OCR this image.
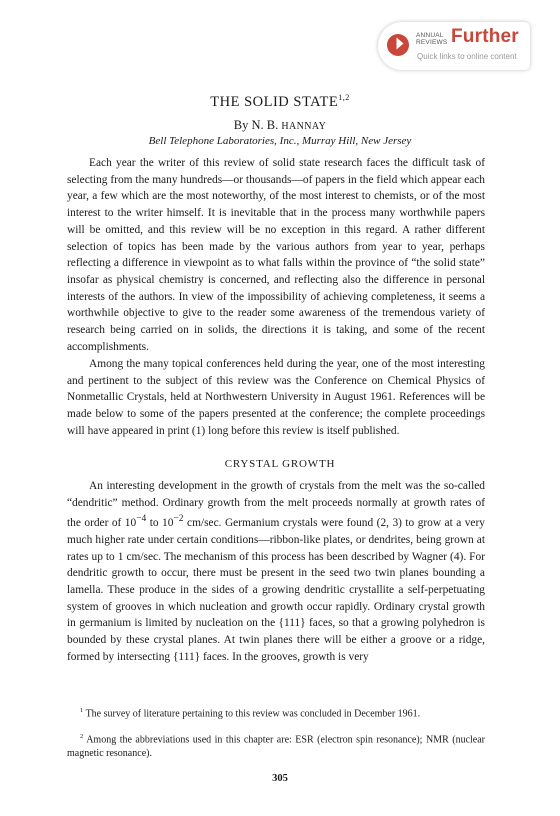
ANNUAL
REVIEWS Further
Quick links to online content
THE SOLID STATE$^{1,2}$
By N. B. HANNAY
Bell Telephone Laboratories, Inc., Murray Hill, New Jersey

Each year the writer of this review of solid state research faces the difficult task of selecting from the many hundreds—or thousands—of papers in the field which appear each year, a few which are the most noteworthy, of the most interest to chemists, or of the most interest to the writer himself. It is inevitable that in the process many worthwhile papers will be omitted, and this review will be no exception in this regard. A rather different selection of topics has been made by the various authors from year to year, perhaps reflecting a difference in viewpoint as to what falls within the province of “the solid state” insofar as physical chemistry is concerned, and reflecting also the difference in personal interests of the authors. In view of the impossibility of achieving completeness, it seems a worthwhile objective to give to the reader some awareness of the tremendous variety of research being carried on in solids, the directions it is taking, and some of the recent accomplishments.

Among the many topical conferences held during the year, one of the most interesting and pertinent to the subject of this review was the Conference on Chemical Physics of Nonmetallic Crystals, held at Northwestern University in August 1961. References will be made below to some of the papers presented at the conference; the complete proceedings will have appeared in print (1) long before this review is itself published.

CRYSTAL GROWTH

An interesting development in the growth of crystals from the melt was the so-called “dendritic” method. Ordinary growth from the melt proceeds normally at growth rates of the order of $10^{-4}$ to $10^{-2}$ cm/sec. Germanium crystals were found (2, 3) to grow at a very much higher rate under certain conditions—ribbon-like plates, or dendrites, being grown at rates up to 1 cm/sec. The mechanism of this process has been described by Wagner (4). For dendritic growth to occur, there must be present in the seed two twin planes bounding a lamella. These produce in the sides of a growing dendritic crystallite a self-perpetuating system of grooves in which nucleation and growth occur rapidly. Ordinary crystal growth in germanium is limited by nucleation on the {111} faces, so that a growing polyhedron is bounded by these crystal planes. At twin planes there will be either a groove or a ridge, formed by intersecting {111} faces. In the grooves, growth is very

$^1$ The survey of literature pertaining to this review was concluded in December 1961.

$^2$ Among the abbreviations used in this chapter are: ESR (electron spin resonance); NMR (nuclear magnetic resonance).

305
